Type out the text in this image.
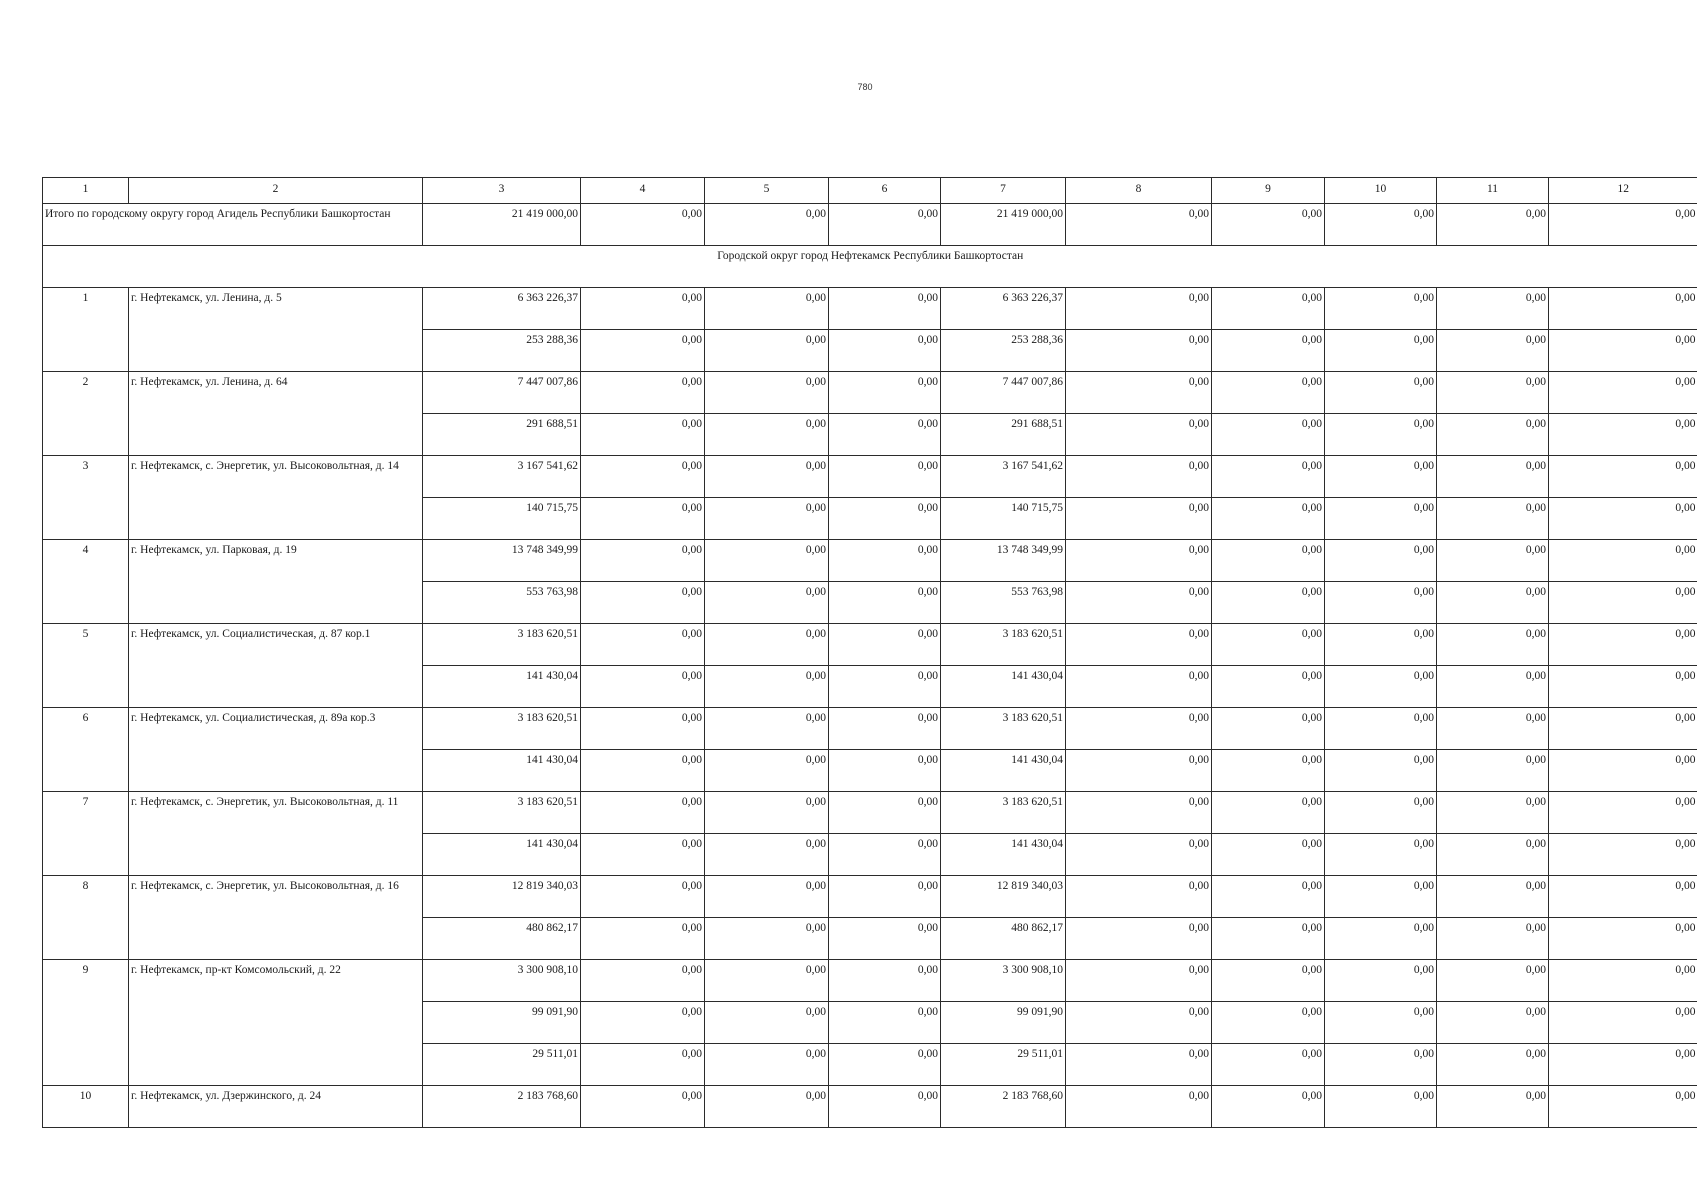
780
1	2	3	4	5	6	7	8	9	10	11	12
Итого по городскому округу город Агидель Республики Башкортостан		21 419 000,00	0,00	0,00	0,00	21 419 000,00	0,00	0,00	0,00	0,00	0,00
Городской округ город Нефтекамск Республики Башкортостан											
1	г. Нефтекамск, ул. Ленина, д. 5	6 363 226,37	0,00	0,00	0,00	6 363 226,37	0,00	0,00	0,00	0,00	0,00
		253 288,36	0,00	0,00	0,00	253 288,36	0,00	0,00	0,00	0,00	0,00
2	г. Нефтекамск, ул. Ленина, д. 64	7 447 007,86	0,00	0,00	0,00	7 447 007,86	0,00	0,00	0,00	0,00	0,00
		291 688,51	0,00	0,00	0,00	291 688,51	0,00	0,00	0,00	0,00	0,00
3	г. Нефтекамск, с. Энергетик, ул. Высоковольтная, д. 14	3 167 541,62	0,00	0,00	0,00	3 167 541,62	0,00	0,00	0,00	0,00	0,00
		140 715,75	0,00	0,00	0,00	140 715,75	0,00	0,00	0,00	0,00	0,00
4	г. Нефтекамск, ул. Парковая, д. 19	13 748 349,99	0,00	0,00	0,00	13 748 349,99	0,00	0,00	0,00	0,00	0,00
		553 763,98	0,00	0,00	0,00	553 763,98	0,00	0,00	0,00	0,00	0,00
5	г. Нефтекамск, ул. Социалистическая, д. 87 кор.1	3 183 620,51	0,00	0,00	0,00	3 183 620,51	0,00	0,00	0,00	0,00	0,00
		141 430,04	0,00	0,00	0,00	141 430,04	0,00	0,00	0,00	0,00	0,00
6	г. Нефтекамск, ул. Социалистическая, д. 89а кор.3	3 183 620,51	0,00	0,00	0,00	3 183 620,51	0,00	0,00	0,00	0,00	0,00
		141 430,04	0,00	0,00	0,00	141 430,04	0,00	0,00	0,00	0,00	0,00
7	г. Нефтекамск, с. Энергетик, ул. Высоковольтная, д. 11	3 183 620,51	0,00	0,00	0,00	3 183 620,51	0,00	0,00	0,00	0,00	0,00
		141 430,04	0,00	0,00	0,00	141 430,04	0,00	0,00	0,00	0,00	0,00
8	г. Нефтекамск, с. Энергетик, ул. Высоковольтная, д. 16	12 819 340,03	0,00	0,00	0,00	12 819 340,03	0,00	0,00	0,00	0,00	0,00
		480 862,17	0,00	0,00	0,00	480 862,17	0,00	0,00	0,00	0,00	0,00
9	г. Нефтекамск, пр-кт Комсомольский, д. 22	3 300 908,10	0,00	0,00	0,00	3 300 908,10	0,00	0,00	0,00	0,00	0,00
		99 091,90	0,00	0,00	0,00	99 091,90	0,00	0,00	0,00	0,00	0,00
		29 511,01	0,00	0,00	0,00	29 511,01	0,00	0,00	0,00	0,00	0,00
10	г. Нефтекамск, ул. Дзержинского, д. 24	2 183 768,60	0,00	0,00	0,00	2 183 768,60	0,00	0,00	0,00	0,00	0,00
